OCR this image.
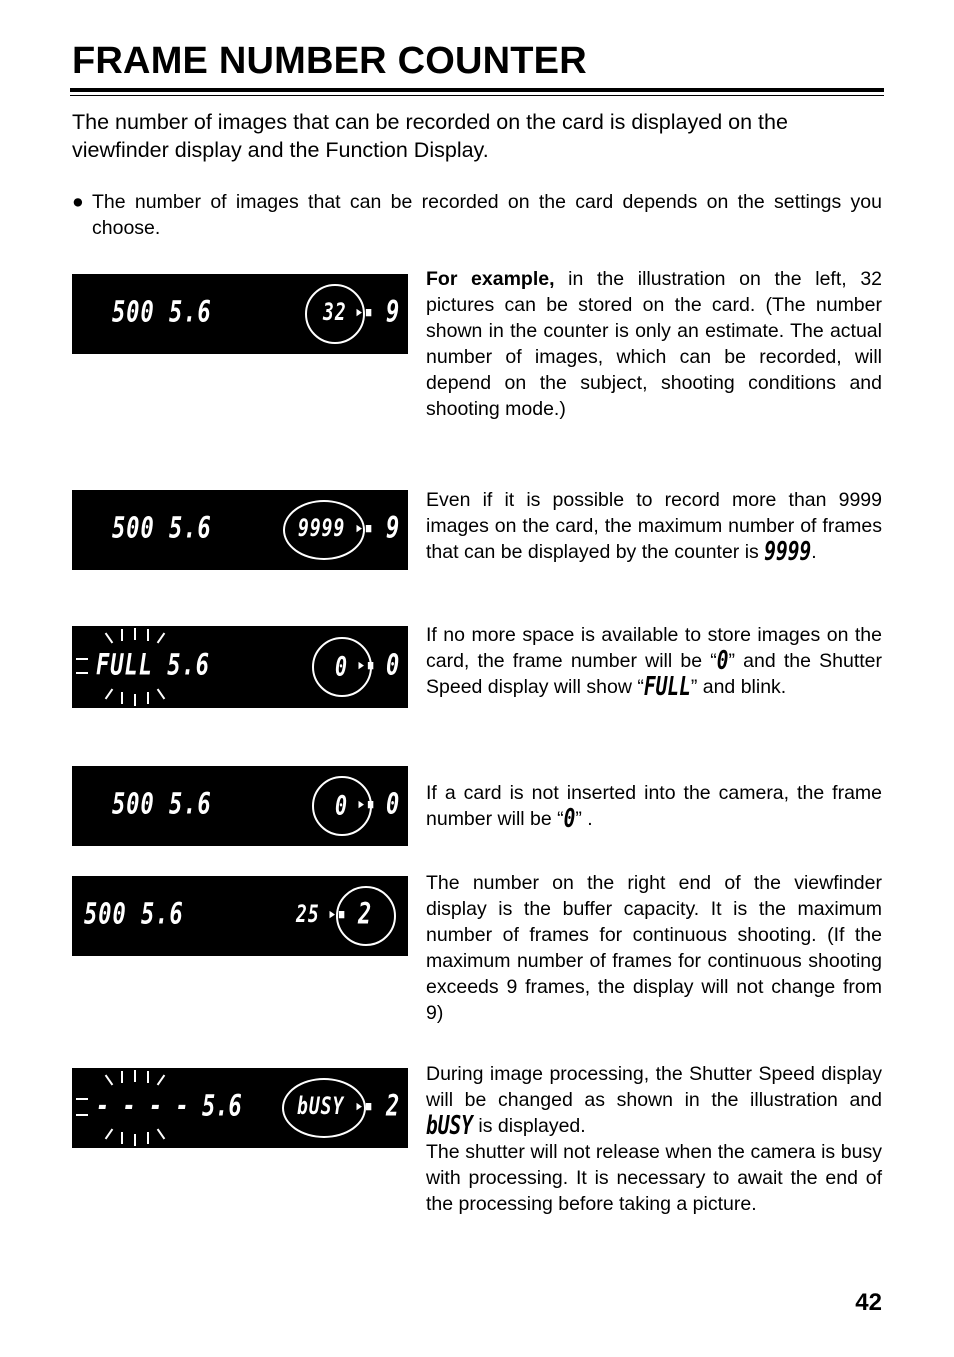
FRAME NUMBER COUNTER

The number of images that can be recorded on the card is displayed on the viewfinder display and the Function Display.

● The number of images that can be recorded on the card depends on the settings you choose.

500 5.6	32 ▸▪ 9

For example, in the illustration on the left, 32 pictures can be stored on the card. (The number shown in the counter is only an estimate. The actual number of images, which can be recorded, will depend on the subject, shooting conditions and shooting mode.)

500 5.6	9999 ▸▪ 9

Even if it is possible to record more than 9999 images on the card, the maximum number of frames that can be displayed by the counter is 9999.

FULL 5.6	0 ▸▪ 0

If no more space is available to store images on the card, the frame number will be “0” and the Shutter Speed display will show “FULL” and blink.

500 5.6	0 ▸▪ 0 If a card is not inserted into the camera, the frame number will be “0” .

500 5.6	25 ▸▪ 2

The number on the right end of the viewfinder display is the buffer capacity. It is the maximum number of frames for continuous shooting. (If the maximum number of frames for continuous shooting exceeds 9 frames, the display will not change from 9)

- - - - 5.6	bUSY ▸▪ 2

During image processing, the Shutter Speed display will be changed as shown in the illustration and bUSY is displayed.
The shutter will not release when the camera is busy with processing. It is necessary to await the end of the processing before taking a picture.

42
